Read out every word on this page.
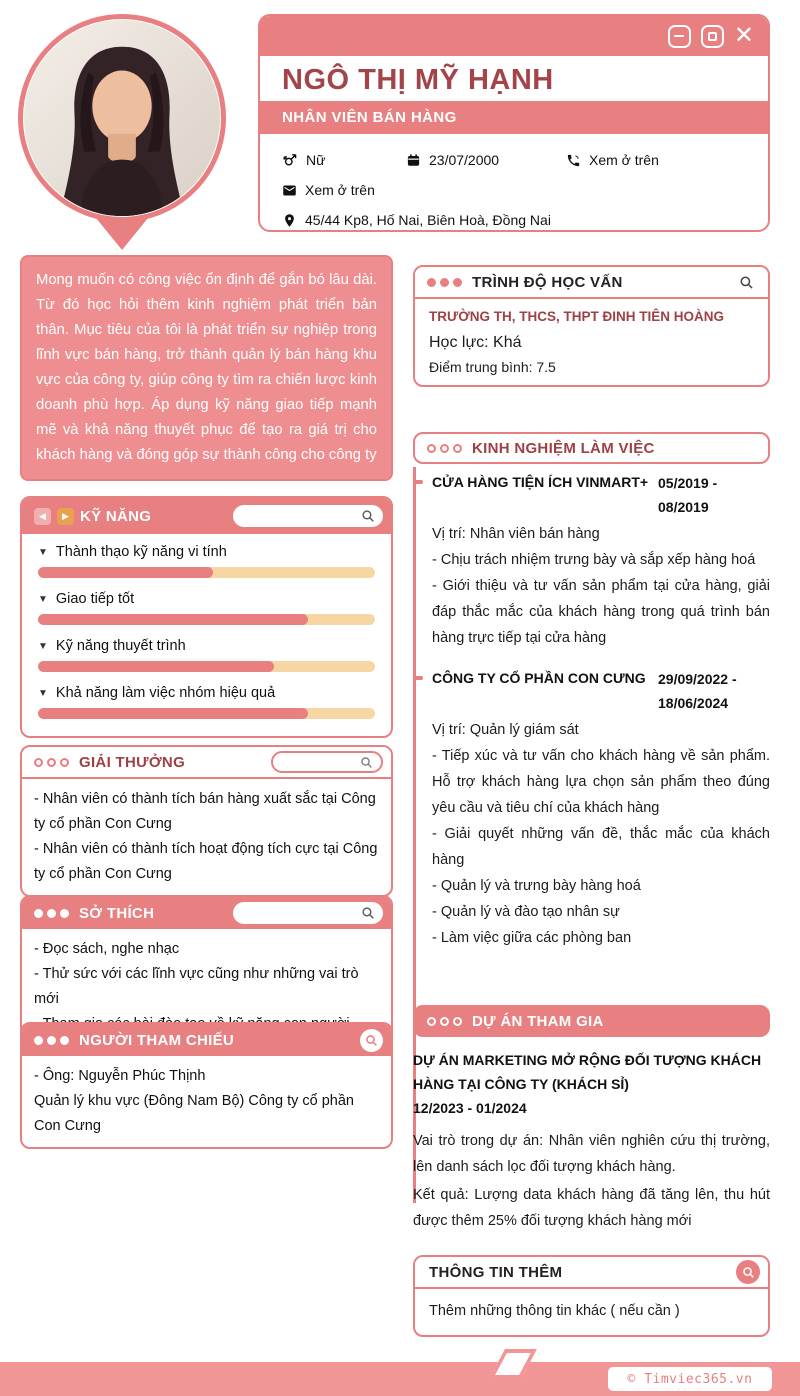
✕
NGÔ THỊ MỸ HẠNH
NHÂN VIÊN BÁN HÀNG
Nữ	23/07/2000	Xem ở trên
Xem ở trên
45/44 Kp8, Hố Nai, Biên Hoà, Đồng Nai

Mong muốn có công việc ổn định để gắn bó lâu dài. Từ đó học hỏi thêm kinh nghiệm phát triển bản thân. Mục tiêu của tôi là phát triển sự nghiệp trong lĩnh vực bán hàng, trở thành quản lý bán hàng khu vực của công ty, giúp công ty tìm ra chiến lược kinh doanh phù hợp. Áp dụng kỹ năng giao tiếp mạnh mẽ và khả năng thuyết phục để tạo ra giá trị cho khách hàng và đóng góp sự thành công cho công ty

◀	▶ KỸ NĂNG
▼ Thành thạo kỹ năng vi tính
▼ Giao tiếp tốt
▼ Kỹ năng thuyết trình
▼ Khả năng làm việc nhóm hiệu quả
GIẢI THƯỞNG

- Nhân viên có thành tích bán hàng xuất sắc tại Công ty cổ phần Con Cưng

- Nhân viên có thành tích hoạt động tích cực tại Công ty cổ phần Con Cưng

SỞ THÍCH

- Đọc sách, nghe nhạc

- Thử sức với các lĩnh vực cũng như những vai trò mới

NGƯỜI THAM CHIẾU

- Ông: Nguyễn Phúc Thịnh

Quản lý khu vực (Đông Nam Bộ) Công ty cổ phần Con Cưng

TRÌNH ĐỘ HỌC VẤN

TRƯỜNG TH, THCS, THPT ĐINH TIÊN HOÀNG

Học lực: Khá

Điểm trung bình: 7.5

KINH NGHIỆM LÀM VIỆC
CỬA HÀNG TIỆN ÍCH VINMART+ 05/2019 - 08/2019

Vị trí: Nhân viên bán hàng

- Chịu trách nhiệm trưng bày và sắp xếp hàng hoá

- Giới thiệu và tư vấn sản phẩm tại cửa hàng, giải đáp thắc mắc của khách hàng trong quá trình bán hàng trực tiếp tại cửa hàng

CÔNG TY CỔ PHẦN CON CƯNG 29/09/2022 - 18/06/2024

Vị trí: Quản lý giám sát

- Tiếp xúc và tư vấn cho khách hàng về sản phẩm. Hỗ trợ khách hàng lựa chọn sản phẩm theo đúng yêu cầu và tiêu chí của khách hàng

- Giải quyết những vấn đề, thắc mắc của khách hàng

- Quản lý và trưng bày hàng hoá

- Quản lý và đào tạo nhân sự

- Làm việc giữa các phòng ban

DỰ ÁN THAM GIA

DỰ ÁN MARKETING MỞ RỘNG ĐỐI TƯỢNG KHÁCH HÀNG TẠI CÔNG TY (KHÁCH SỈ)

12/2023 - 01/2024

Vai trò trong dự án: Nhân viên nghiên cứu thị trường, lên danh sách lọc đối tượng khách hàng.

Kết quả: Lượng data khách hàng đã tăng lên, thu hút được thêm 25% đối tượng khách hàng mới

THÔNG TIN THÊM

Thêm những thông tin khác ( nếu cần )

© Timviec365.vn
